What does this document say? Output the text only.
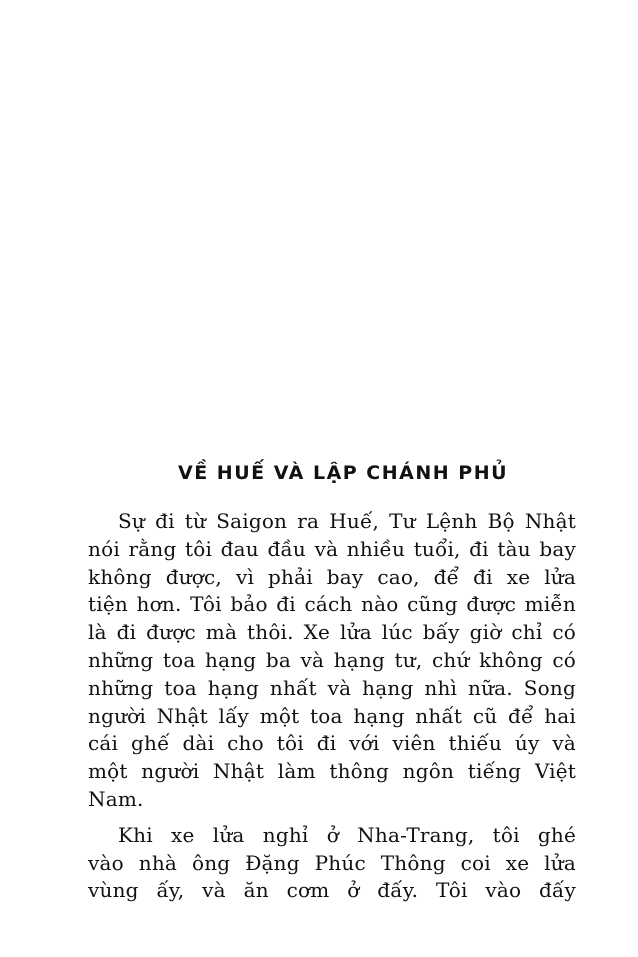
VỀ HUẾ VÀ LẬP CHÁNH PHỦ
Sự đi từ Saigon ra Huế, Tư Lệnh Bộ Nhật
nói rằng tôi đau đầu và nhiều tuổi, đi tàu bay
không được, vì phải bay cao, để đi xe lửa
tiện hơn. Tôi bảo đi cách nào cũng được miễn
là đi được mà thôi. Xe lửa lúc bấy giờ chỉ có
những toa hạng ba và hạng tư, chứ không có
những toa hạng nhất và hạng nhì nữa. Song
người Nhật lấy một toa hạng nhất cũ để hai
cái ghế dài cho tôi đi với viên thiếu úy và
một người Nhật làm thông ngôn tiếng Việt
Nam.
Khi xe lửa nghỉ ở Nha-Trang, tôi ghé
vào nhà ông Đặng Phúc Thông coi xe lửa
vùng ấy, và ăn cơm ở đấy. Tôi vào đấy
